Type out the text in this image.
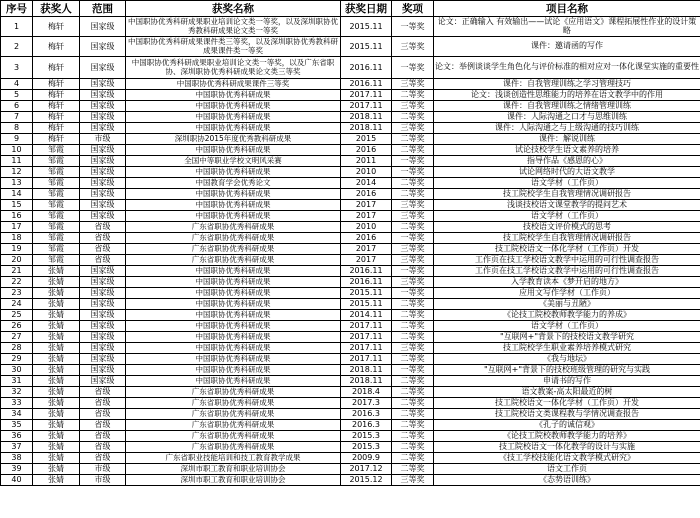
序号	获奖人	范围	获奖名称	获奖日期	奖项	项目名称
1	梅轩	国家级	中国职协优秀科研成果职业培训论文类一等奖，以及深圳职协优秀教科研成果论文类一等奖	2015.11	一等奖	论文：正确输入 有效输出——试论《应用语文》课程拓展性作业的设计策略
2	梅轩	国家级	中国职协优秀科研成果课件类三等奖，以及深圳职协优秀教科研成果课件类一等奖	2015.11	三等奖	课件：邀请函的写作
3	梅轩	国家级	中国职协优秀科研成果职业培训论文类一等奖，以及广东省职协、深圳职协优秀科研成果论文类三等奖	2016.11	一等奖	论文：举例谈谈学生角色化与评价标准的相对应对一体化课堂实施的重要性
4	梅轩	国家级	中国职协优秀科研成果课件三等奖	2016.11	三等奖	课件：自我管理训练之学习管理技巧
5	梅轩	国家级	中国职协优秀科研成果	2017.11	二等奖	论文：浅谈创造性思维能力的培养在语文教学中的作用
6	梅轩	国家级	中国职协优秀科研成果	2017.11	三等奖	课件：自我管理训练之情绪管理训练
7	梅轩	国家级	中国职协优秀科研成果	2018.11	二等奖	课件：人际沟通之口才与思维训练
8	梅轩	国家级	中国职协优秀科研成果	2018.11	三等奖	课件：人际沟通之与上级沟通的技巧训练
9	梅轩	市级	深圳职协2015年度优秀教科研成果	2015	二等奖	课件：解说训练
10	邹霞	国家级	中国职协优秀科研成果	2016	二等奖	试论技校学生语文素养的培养
11	邹霞	国家级	全国中等职业学校文明风采赛	2011	一等奖	指导作品《感恩的心》
12	邹霞	国家级	中国职协优秀科研成果	2010	一等奖	试论网络时代的大语文教学
13	邹霞	国家级	中国教育学会优秀论文	2014	二等奖	语文学材（工作页）
14	邹霞	国家级	中国职协优秀科研成果	2016	二等奖	技工院校学生自我管理情况调研报告
15	邹霞	国家级	中国职协优秀科研成果	2017	三等奖	浅谈技校语文课堂教学的提问艺术
16	邹霞	国家级	中国职协优秀科研成果	2017	三等奖	语文学材（工作页）
17	邹霞	省级	广东省职协优秀科研成果	2010	二等奖	技校语文评价模式的思考
18	邹霞	省级	广东省职协优秀科研成果	2016	一等奖	技工院校学生自我管理情况调研报告
19	邹霞	省级	广东省职协优秀科研成果	2017	三等奖	技工院校语文一体化学材（工作页）开发
20	邹霞	省级	广东省职协优秀科研成果	2017	三等奖	工作页在技工学校语文教学中运用的可行性调查报告
21	张婧	国家级	中国职协优秀科研成果	2016.11	一等奖	工作页在技工学校语文教学中运用的可行性调查报告
22	张婧	国家级	中国职协优秀科研成果	2016.11	三等奖	入学教育读本《梦开启的地方》
23	张婧	国家级	中国职协优秀科研成果	2015.11	一等奖	应用文写作学材（工作页）
24	张婧	国家级	中国职协优秀科研成果	2015.11	二等奖	《美丽与丑陋》
25	张婧	国家级	中国职协优秀科研成果	2014.11	二等奖	《论技工院校教师教学能力的养成》
26	张婧	国家级	中国职协优秀科研成果	2017.11	二等奖	语文学材（工作页）
27	张婧	国家级	中国职协优秀科研成果	2017.11	二等奖	"互联网+"背景下的技校语文教学研究
28	张婧	国家级	中国职协优秀科研成果	2017.11	三等奖	技工院校学生职业素养培养模式研究
29	张婧	国家级	中国职协优秀科研成果	2017.11	二等奖	《我与地坛》
30	张婧	国家级	中国职协优秀科研成果	2018.11	一等奖	"互联网+"背景下的技校班级管理的研究与实践
31	张婧	国家级	中国职协优秀科研成果	2018.11	二等奖	申请书的写作
32	张婧	省级	广东省职协优秀科研成果	2018.4	二等奖	语文教案-高太阳最近的树
33	张婧	省级	广东省职协优秀科研成果	2017.3	二等奖	技工院校语文一体化学材（工作页）开发
34	张婧	省级	广东省职协优秀科研成果	2016.3	二等奖	技工院校语文类课程教与学情况调查报告
35	张婧	省级	广东省职协优秀科研成果	2016.3	二等奖	《孔子的诚信观》
36	张婧	省级	广东省职协优秀科研成果	2015.3	二等奖	《论技工院校教师教学能力的培养》
37	张婧	省级	广东省职协优秀科研成果	2015.3	二等奖	技工院校语文一体化教学的设计与实施
38	张婧	省级	广东省职业技能培训和技工教育教学成果	2009.9	二等奖	《技工学校技能化语文教学模式研究》
39	张婧	市级	深圳市职工教育和职业培训协会	2017.12	二等奖	语文工作页
40	张婧	市级	深圳市职工教育和职业培训协会	2015.12	三等奖	《态势语训练》
